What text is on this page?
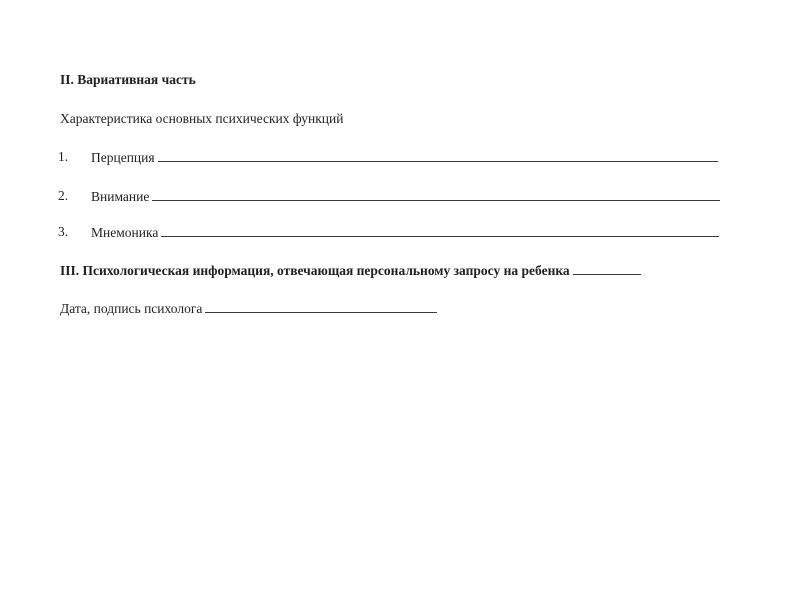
II. Вариативная часть
Характеристика основных психических функций
1.	Перцепция
2.	Внимание
3.	Мнемоника
III. Психологическая информация, отвечающая персональному запросу на ребенка
Дата, подпись психолога
